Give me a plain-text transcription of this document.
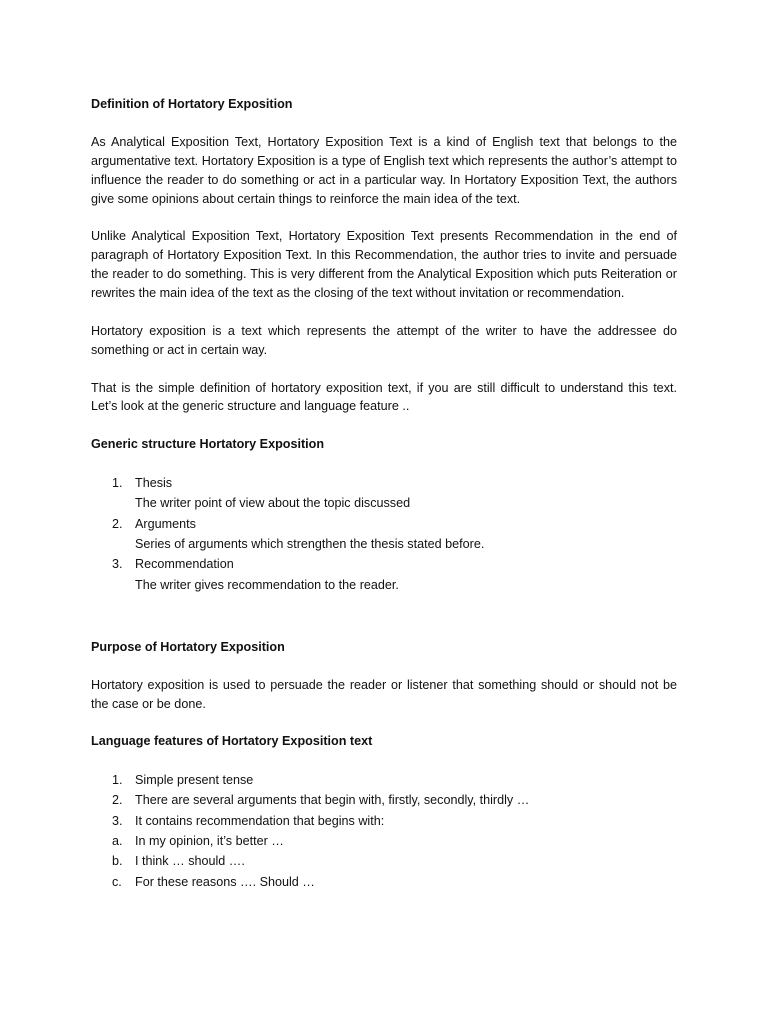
Definition of Hortatory Exposition

As Analytical Exposition Text, Hortatory Exposition Text is a kind of English text that belongs to the argumentative text. Hortatory Exposition is a type of English text which represents the author’s attempt to influence the reader to do something or act in a particular way. In Hortatory Exposition Text, the authors give some opinions about certain things to reinforce the main idea of the text.

Unlike Analytical Exposition Text, Hortatory Exposition Text presents Recommendation in the end of paragraph of Hortatory Exposition Text. In this Recommendation, the author tries to invite and persuade the reader to do something. This is very different from the Analytical Exposition which puts Reiteration or rewrites the main idea of the text as the closing of the text without invitation or recommendation.

Hortatory exposition is a text which represents the attempt of the writer to have the addressee do something or act in certain way.

That is the simple definition of hortatory exposition text, if you are still difficult to understand this text. Let’s look at the generic structure and language feature ..

Generic structure Hortatory Exposition
1. Thesis
The writer point of view about the topic discussed
2. Arguments
Series of arguments which strengthen the thesis stated before.
3. Recommendation
The writer gives recommendation to the reader.
Purpose of Hortatory Exposition

Hortatory exposition is used to persuade the reader or listener that something should or should not be the case or be done.

Language features of Hortatory Exposition text
1. Simple present tense
2. There are several arguments that begin with, firstly, secondly, thirdly …
3. It contains recommendation that begins with:
a. In my opinion, it’s better …
b. I think … should ….
c. For these reasons …. Should …
